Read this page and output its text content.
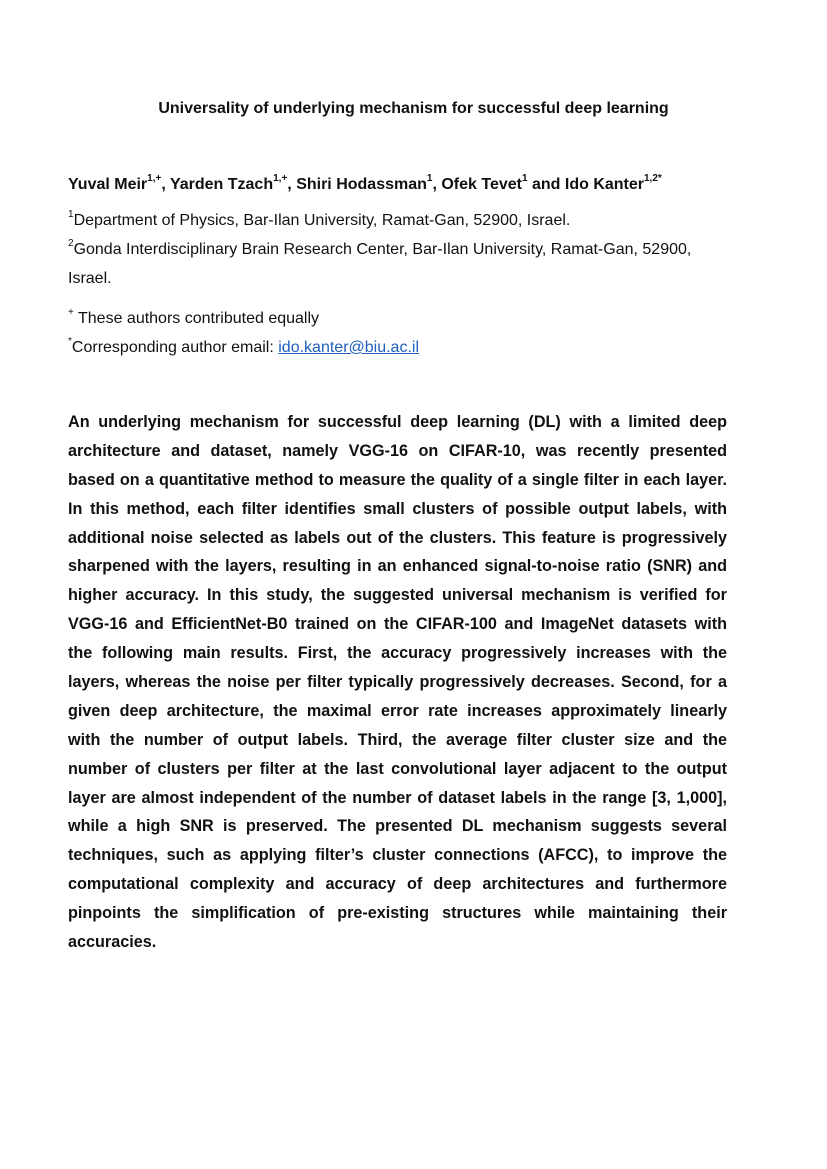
Universality of underlying mechanism for successful deep learning
Yuval Meir$^{1,+}$, Yarden Tzach$^{1,+}$, Shiri Hodassman$^1$, Ofek Tevet$^1$ and Ido Kanter$^{1,2*}$
$^1$Department of Physics, Bar-Ilan University, Ramat-Gan, 52900, Israel.
$^2$Gonda Interdisciplinary Brain Research Center, Bar-Ilan University, Ramat-Gan, 52900,
Israel.
+ These authors contributed equally
*Corresponding author email: ido.kanter@biu.ac.il
An underlying mechanism for successful deep learning (DL) with a limited deep
architecture and dataset, namely VGG-16 on CIFAR-10, was recently presented
based on a quantitative method to measure the quality of a single filter in each layer.
In this method, each filter identifies small clusters of possible output labels, with
additional noise selected as labels out of the clusters. This feature is progressively
sharpened with the layers, resulting in an enhanced signal-to-noise ratio (SNR) and
higher accuracy. In this study, the suggested universal mechanism is verified for
VGG-16 and EfficientNet-B0 trained on the CIFAR-100 and ImageNet datasets with
the following main results. First, the accuracy progressively increases with the
layers, whereas the noise per filter typically progressively decreases. Second, for a
given deep architecture, the maximal error rate increases approximately linearly
with the number of output labels. Third, the average filter cluster size and the
number of clusters per filter at the last convolutional layer adjacent to the output
layer are almost independent of the number of dataset labels in the range [3, 1,000],
while a high SNR is preserved. The presented DL mechanism suggests several
techniques, such as applying filter’s cluster connections (AFCC), to improve the
computational complexity and accuracy of deep architectures and furthermore
pinpoints the simplification of pre-existing structures while maintaining their
accuracies.
